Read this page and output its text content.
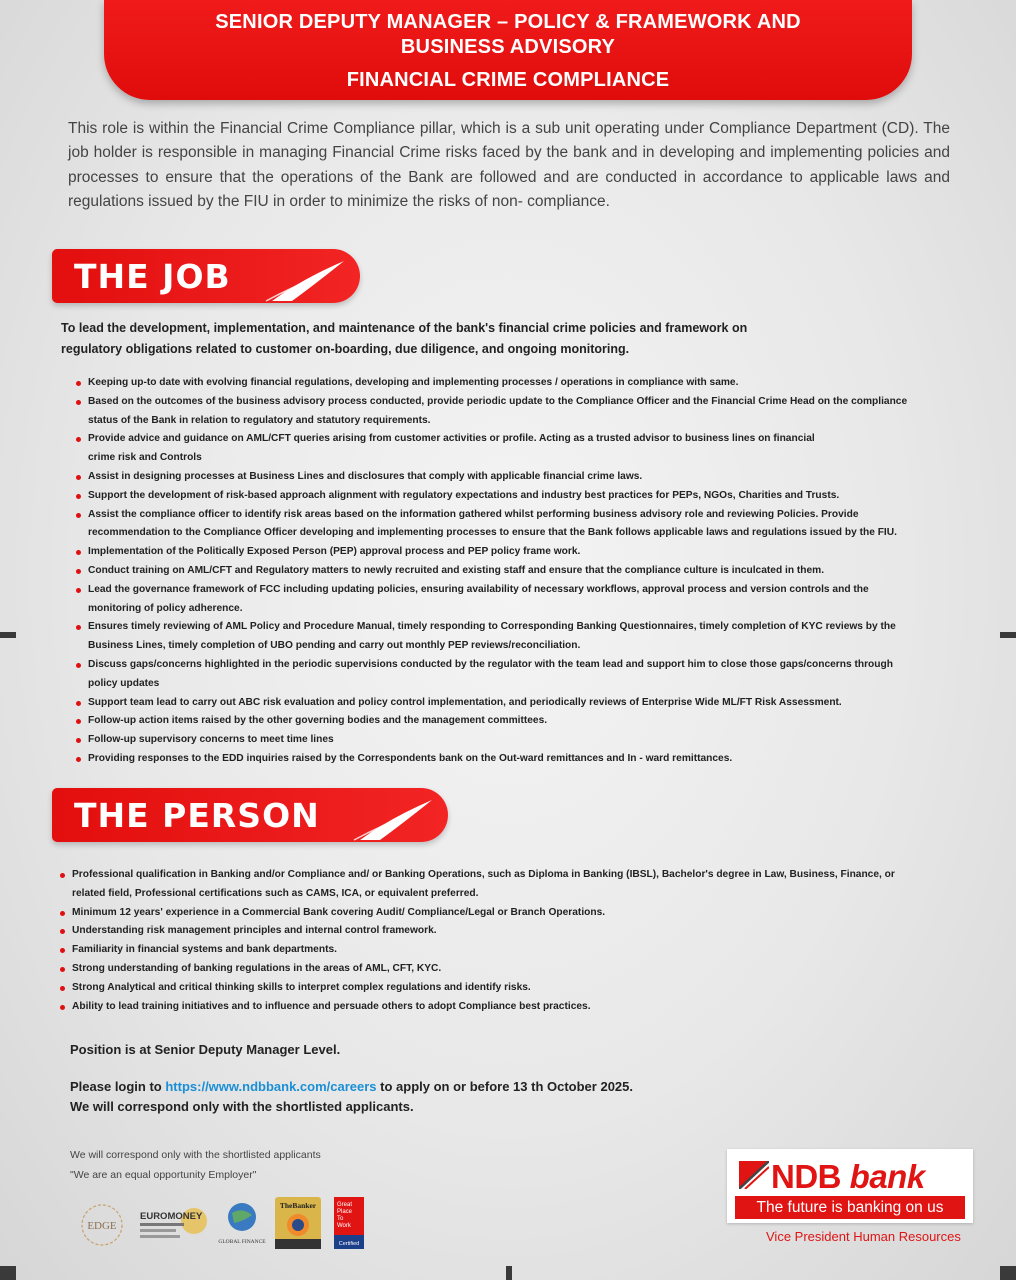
SENIOR DEPUTY MANAGER – POLICY & FRAMEWORK AND
BUSINESS ADVISORY
FINANCIAL CRIME COMPLIANCE

This role is within the Financial Crime Compliance pillar, which is a sub unit operating under Compliance Department (CD). The job holder is responsible in managing Financial Crime risks faced by the bank and in developing and implementing policies and processes to ensure that the operations of the Bank are followed and are conducted in accordance to applicable laws and regulations issued by the FIU in order to minimize the risks of non- compliance.

THE JOB
To lead the development, implementation, and maintenance of the bank's financial crime policies and framework on
regulatory obligations related to customer on-boarding, due diligence, and ongoing monitoring.
Keeping up-to date with evolving financial regulations, developing and implementing processes / operations in compliance with same.
Based on the outcomes of the business advisory process conducted, provide periodic update to the Compliance Officer and the Financial Crime Head on the compliance
status of the Bank in relation to regulatory and statutory requirements.
Provide advice and guidance on AML/CFT queries arising from customer activities or profile. Acting as a trusted advisor to business lines on financial
crime risk and Controls
Assist in designing processes at Business Lines and disclosures that comply with applicable financial crime laws.
Support the development of risk-based approach alignment with regulatory expectations and industry best practices for PEPs, NGOs, Charities and Trusts.
Assist the compliance officer to identify risk areas based on the information gathered whilst performing business advisory role and reviewing Policies. Provide
recommendation to the Compliance Officer developing and implementing processes to ensure that the Bank follows applicable laws and regulations issued by the FIU.
Implementation of the Politically Exposed Person (PEP) approval process and PEP policy frame work.
Conduct training on AML/CFT and Regulatory matters to newly recruited and existing staff and ensure that the compliance culture is inculcated in them.
Lead the governance framework of FCC including updating policies, ensuring availability of necessary workflows, approval process and version controls and the
monitoring of policy adherence.
Ensures timely reviewing of AML Policy and Procedure Manual, timely responding to Corresponding Banking Questionnaires, timely completion of KYC reviews by the
Business Lines, timely completion of UBO pending and carry out monthly PEP reviews/reconciliation.
Discuss gaps/concerns highlighted in the periodic supervisions conducted by the regulator with the team lead and support him to close those gaps/concerns through
policy updates
Support team lead to carry out ABC risk evaluation and policy control implementation, and periodically reviews of Enterprise Wide ML/FT Risk Assessment.
Follow-up action items raised by the other governing bodies and the management committees.
Follow-up supervisory concerns to meet time lines
Providing responses to the EDD inquiries raised by the Correspondents bank on the Out-ward remittances and In - ward remittances.
THE PERSON
Professional qualification in Banking and/or Compliance and/ or Banking Operations, such as Diploma in Banking (IBSL), Bachelor's degree in Law, Business, Finance, or
related field, Professional certifications such as CAMS, ICA, or equivalent preferred.
Minimum 12 years' experience in a Commercial Bank covering Audit/ Compliance/Legal or Branch Operations.
Understanding risk management principles and internal control framework.
Familiarity in financial systems and bank departments.
Strong understanding of banking regulations in the areas of AML, CFT, KYC.
Strong Analytical and critical thinking skills to interpret complex regulations and identify risks.
Ability to lead training initiatives and to influence and persuade others to adopt Compliance best practices.
Position is at Senior Deputy Manager Level.
Please login to https://www.ndbbank.com/careers to apply on or before 13 th October 2025.
We will correspond only with the shortlisted applicants.
We will correspond only with the shortlisted applicants
"We are an equal opportunity Employer"
EDGE
EUROMONEY
GLOBAL FINANCE
TheBanker	Great
Place
To
Work
Certified
NDB bank
The future is banking on us
Vice President Human Resources
